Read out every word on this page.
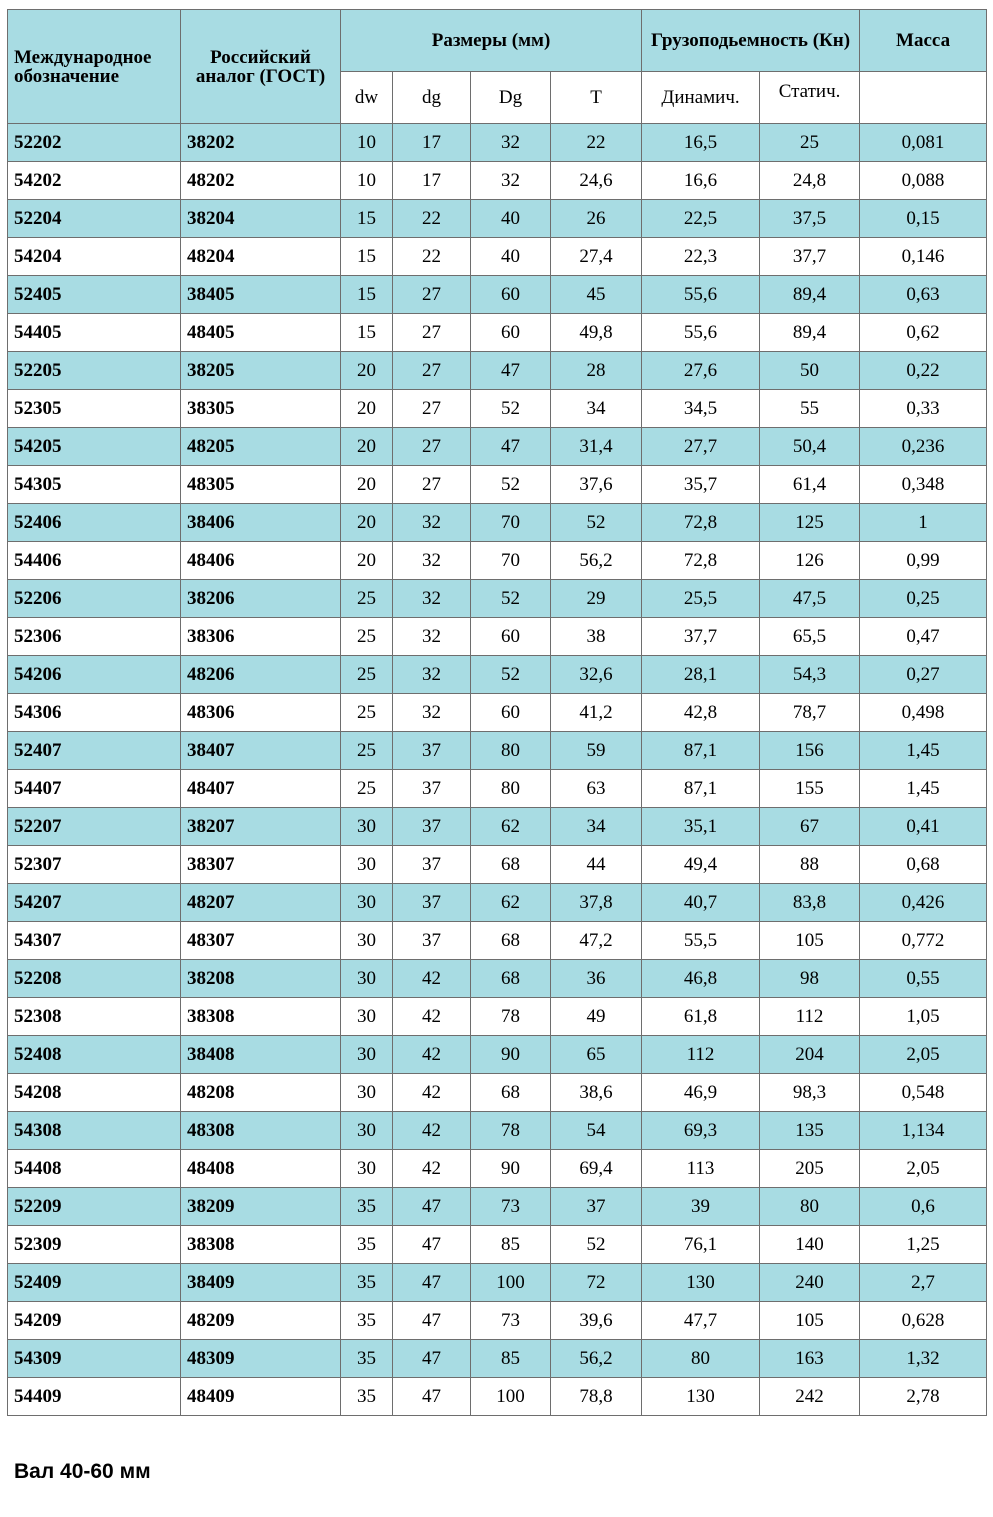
Международное обозначение	Российский аналог (ГОСТ)	Размеры (мм)				Грузоподьемность (Кн)		Масса
		dw	dg	Dg	T	Динамич.	Статич.	
52202	38202	10	17	32	22	16,5	25	0,081
54202	48202	10	17	32	24,6	16,6	24,8	0,088
52204	38204	15	22	40	26	22,5	37,5	0,15
54204	48204	15	22	40	27,4	22,3	37,7	0,146
52405	38405	15	27	60	45	55,6	89,4	0,63
54405	48405	15	27	60	49,8	55,6	89,4	0,62
52205	38205	20	27	47	28	27,6	50	0,22
52305	38305	20	27	52	34	34,5	55	0,33
54205	48205	20	27	47	31,4	27,7	50,4	0,236
54305	48305	20	27	52	37,6	35,7	61,4	0,348
52406	38406	20	32	70	52	72,8	125	1
54406	48406	20	32	70	56,2	72,8	126	0,99
52206	38206	25	32	52	29	25,5	47,5	0,25
52306	38306	25	32	60	38	37,7	65,5	0,47
54206	48206	25	32	52	32,6	28,1	54,3	0,27
54306	48306	25	32	60	41,2	42,8	78,7	0,498
52407	38407	25	37	80	59	87,1	156	1,45
54407	48407	25	37	80	63	87,1	155	1,45
52207	38207	30	37	62	34	35,1	67	0,41
52307	38307	30	37	68	44	49,4	88	0,68
54207	48207	30	37	62	37,8	40,7	83,8	0,426
54307	48307	30	37	68	47,2	55,5	105	0,772
52208	38208	30	42	68	36	46,8	98	0,55
52308	38308	30	42	78	49	61,8	112	1,05
52408	38408	30	42	90	65	112	204	2,05
54208	48208	30	42	68	38,6	46,9	98,3	0,548
54308	48308	30	42	78	54	69,3	135	1,134
54408	48408	30	42	90	69,4	113	205	2,05
52209	38209	35	47	73	37	39	80	0,6
52309	38308	35	47	85	52	76,1	140	1,25
52409	38409	35	47	100	72	130	240	2,7
54209	48209	35	47	73	39,6	47,7	105	0,628
54309	48309	35	47	85	56,2	80	163	1,32
54409	48409	35	47	100	78,8	130	242	2,78
Вал 40-60 мм
